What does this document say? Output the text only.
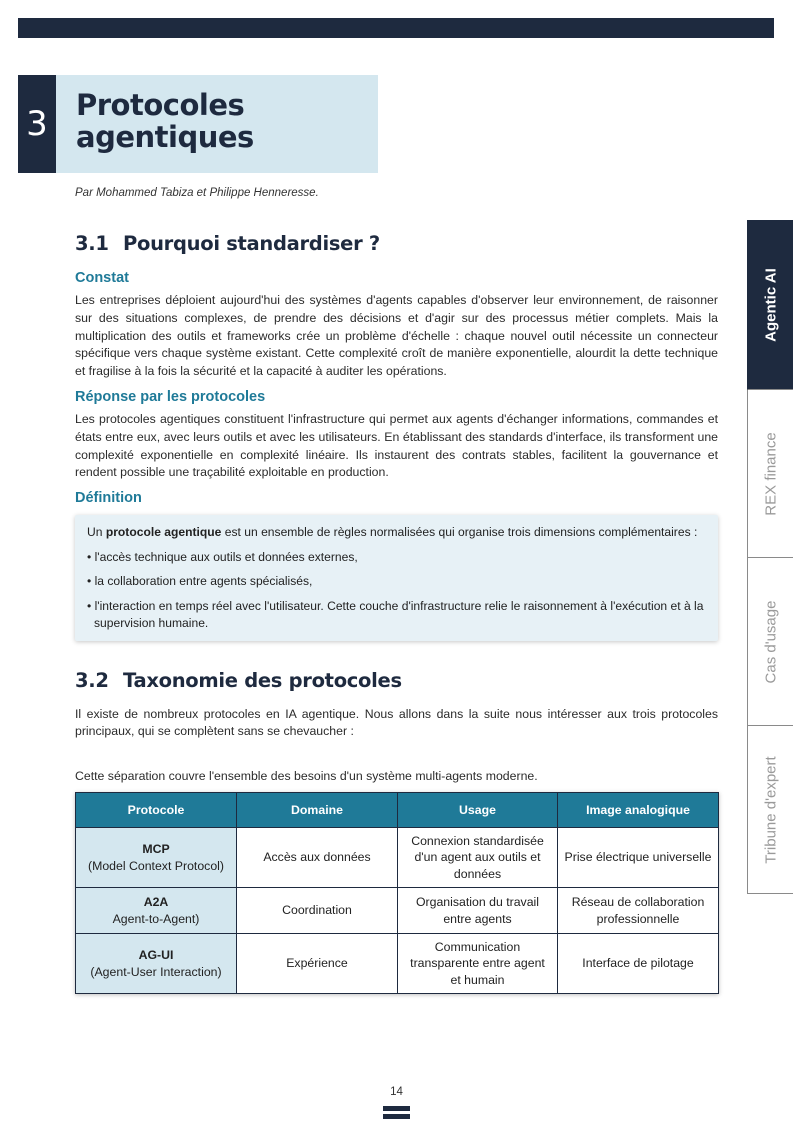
3 Protocoles
agentiques
Par Mohammed Tabiza et Philippe Henneresse.
3.1 Pourquoi standardiser ?
Constat

Les entreprises déploient aujourd'hui des systèmes d'agents capables d'observer leur environnement, de raisonner sur des situations complexes, de prendre des décisions et d'agir sur des processus métier complets. Mais la multiplication des outils et frameworks crée un problème d'échelle : chaque nouvel outil nécessite un connecteur spécifique vers chaque système existant. Cette complexité croît de manière exponentielle, alourdit la dette technique et fragilise à la fois la sécurité et la capacité à auditer les opérations.

Réponse par les protocoles

Les protocoles agentiques constituent l'infrastructure qui permet aux agents d'échanger informations, commandes et états entre eux, avec leurs outils et avec les utilisateurs. En établissant des standards d'interface, ils transforment une complexité exponentielle en complexité linéaire. Ils instaurent des contrats stables, facilitent la gouvernance et rendent possible une traçabilité exploitable en production.

Définition
Un protocole agentique est un ensemble de règles normalisées qui organise trois dimensions complémentaires :
• l'accès technique aux outils et données externes,
• la collaboration entre agents spécialisés,
• l'interaction en temps réel avec l'utilisateur. Cette couche d'infrastructure relie le raisonnement à l'exécution et à la supervision humaine.
3.2 Taxonomie des protocoles

Il existe de nombreux protocoles en IA agentique. Nous allons dans la suite nous intéresser aux trois protocoles principaux, qui se complètent sans se chevaucher :

Cette séparation couvre l'ensemble des besoins d'un système multi-agents moderne.

Protocole	Domaine	Usage	Image analogique

MCP
(Model Context Protocol)	Accès aux données	Connexion standardisée d'un agent aux outils et données	Prise électrique universelle

A2A
Agent-to-Agent)	Coordination	Organisation du travail entre agents	Réseau de collaboration professionnelle

AG-UI
(Agent-User Interaction)	Expérience	Communication transparente entre agent et humain	Interface de pilotage
Agentic AI
REX finance
Cas d'usage
Tribune d'expert
14
